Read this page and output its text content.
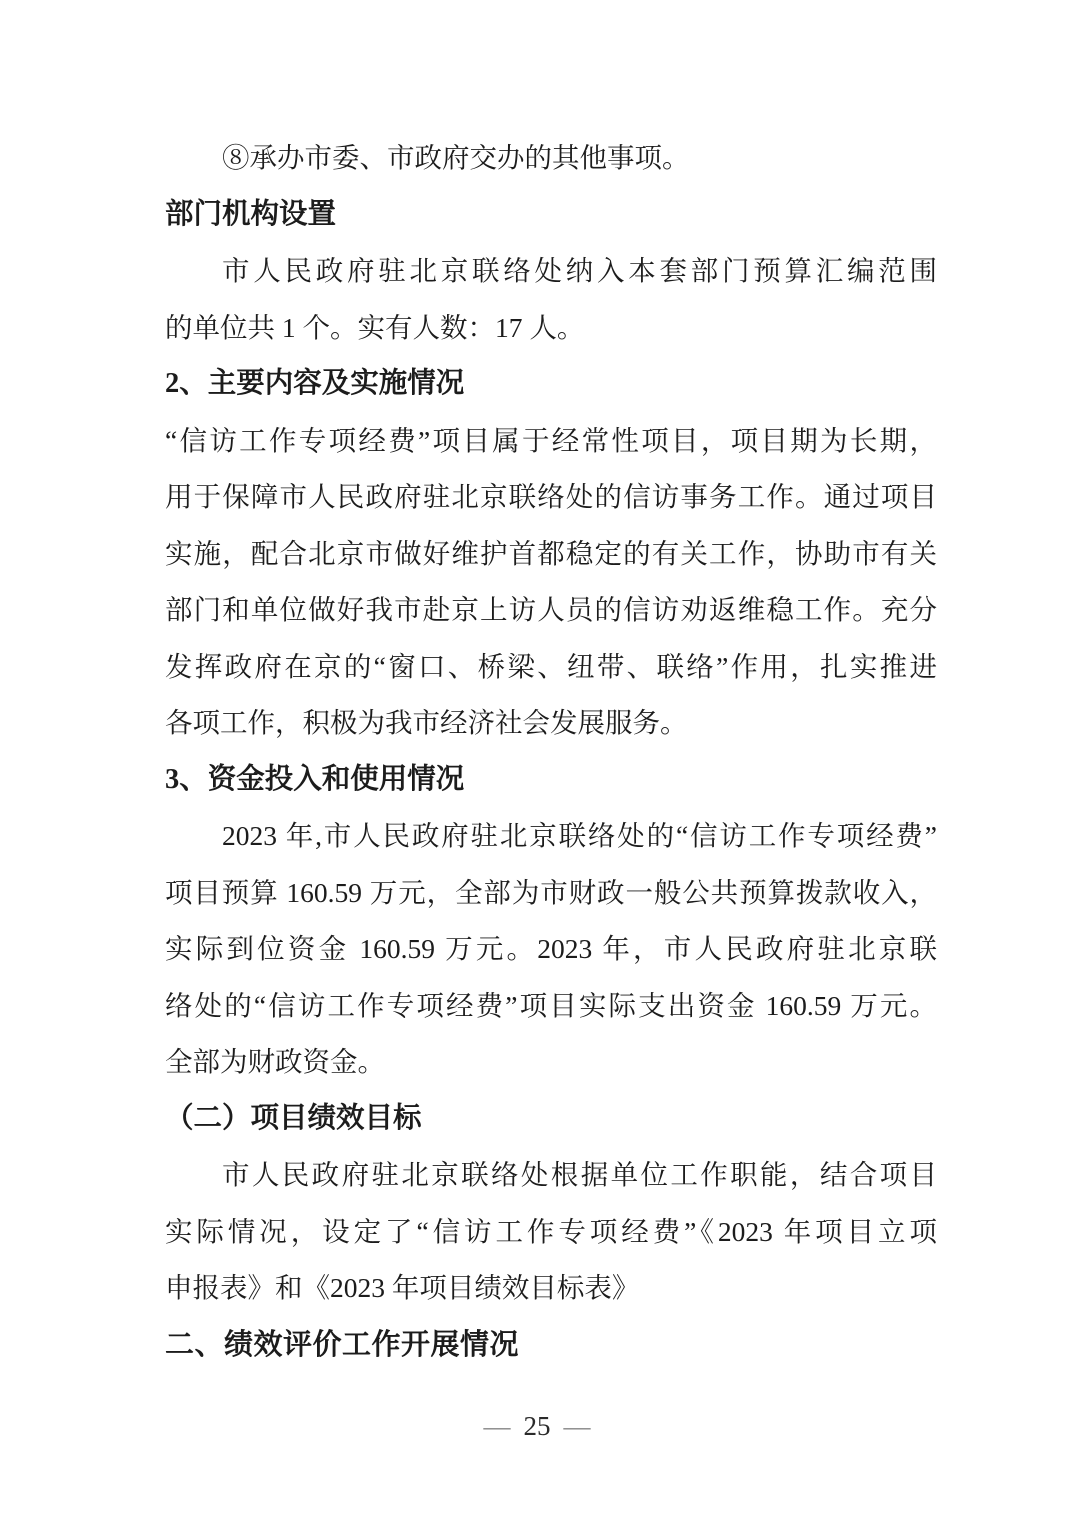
⑧承办市委、市政府交办的其他事项。
部门机构设置
市人民政府驻北京联络处纳入本套部门预算汇编范围
的单位共 1 个。实有人数：17 人。
2、主要内容及实施情况
“信访工作专项经费”项目属于经常性项目，项目期为长期，
用于保障市人民政府驻北京联络处的信访事务工作。通过项目
实施，配合北京市做好维护首都稳定的有关工作，协助市有关
部门和单位做好我市赴京上访人员的信访劝返维稳工作。充分
发挥政府在京的“窗口、桥梁、纽带、联络”作用，扎实推进
各项工作，积极为我市经济社会发展服务。
3、资金投入和使用情况
2023 年,市人民政府驻北京联络处的“信访工作专项经费”
项目预算 160.59 万元，全部为市财政一般公共预算拨款收入，
实际到位资金 160.59 万元。2023 年，市人民政府驻北京联
络处的“信访工作专项经费”项目实际支出资金 160.59 万元。
全部为财政资金。
（二）项目绩效目标
市人民政府驻北京联络处根据单位工作职能，结合项目
实际情况，设定了“信访工作专项经费”《2023 年项目立项
申报表》和《2023 年项目绩效目标表》
二、绩效评价工作开展情况
— 25 —
